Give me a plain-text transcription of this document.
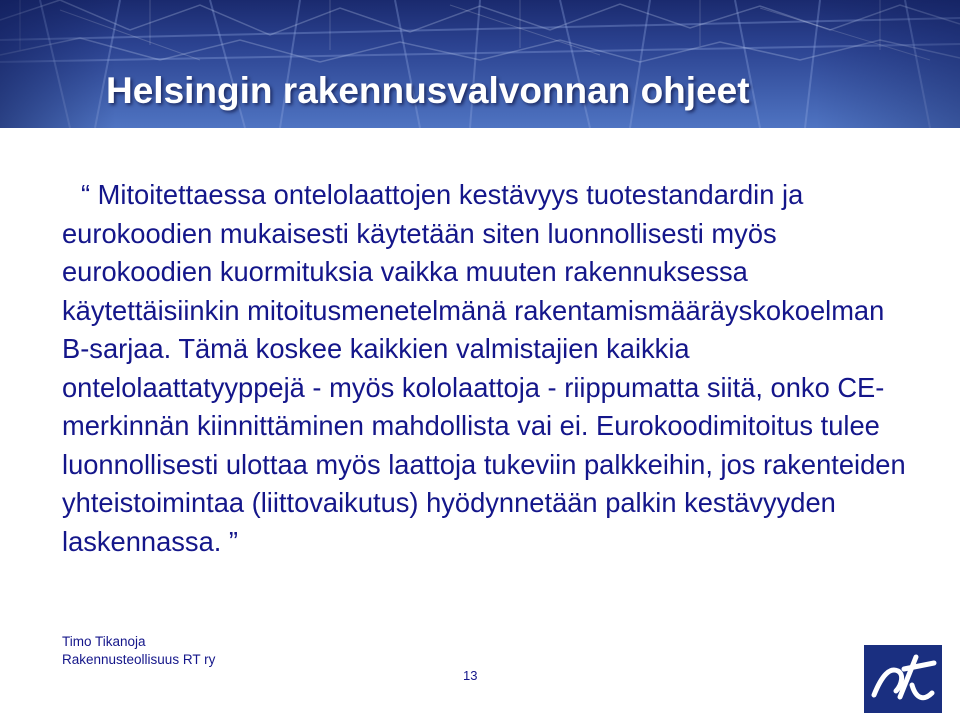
Helsingin rakennusvalvonnan ohjeet

“ Mitoitettaessa ontelolaattojen kestävyys tuotestandardin ja eurokoodien mukaisesti käytetään siten luonnollisesti myös eurokoodien kuormituksia vaikka muuten rakennuksessa käytettäisiinkin mitoitusmenetelmänä rakentamismääräyskokoelman B-sarjaa. Tämä koskee kaikkien valmistajien kaikkia ontelolaattatyyppejä - myös kololaattoja - riippumatta siitä, onko CE-merkinnän kiinnittäminen mahdollista vai ei. Eurokoodimitoitus tulee luonnollisesti ulottaa myös laattoja tukeviin palkkeihin, jos rakenteiden yhteistoimintaa (liittovaikutus) hyödynnetään palkin kestävyyden laskennassa. ”

Timo Tikanoja
Rakennusteollisuus RT ry
13
